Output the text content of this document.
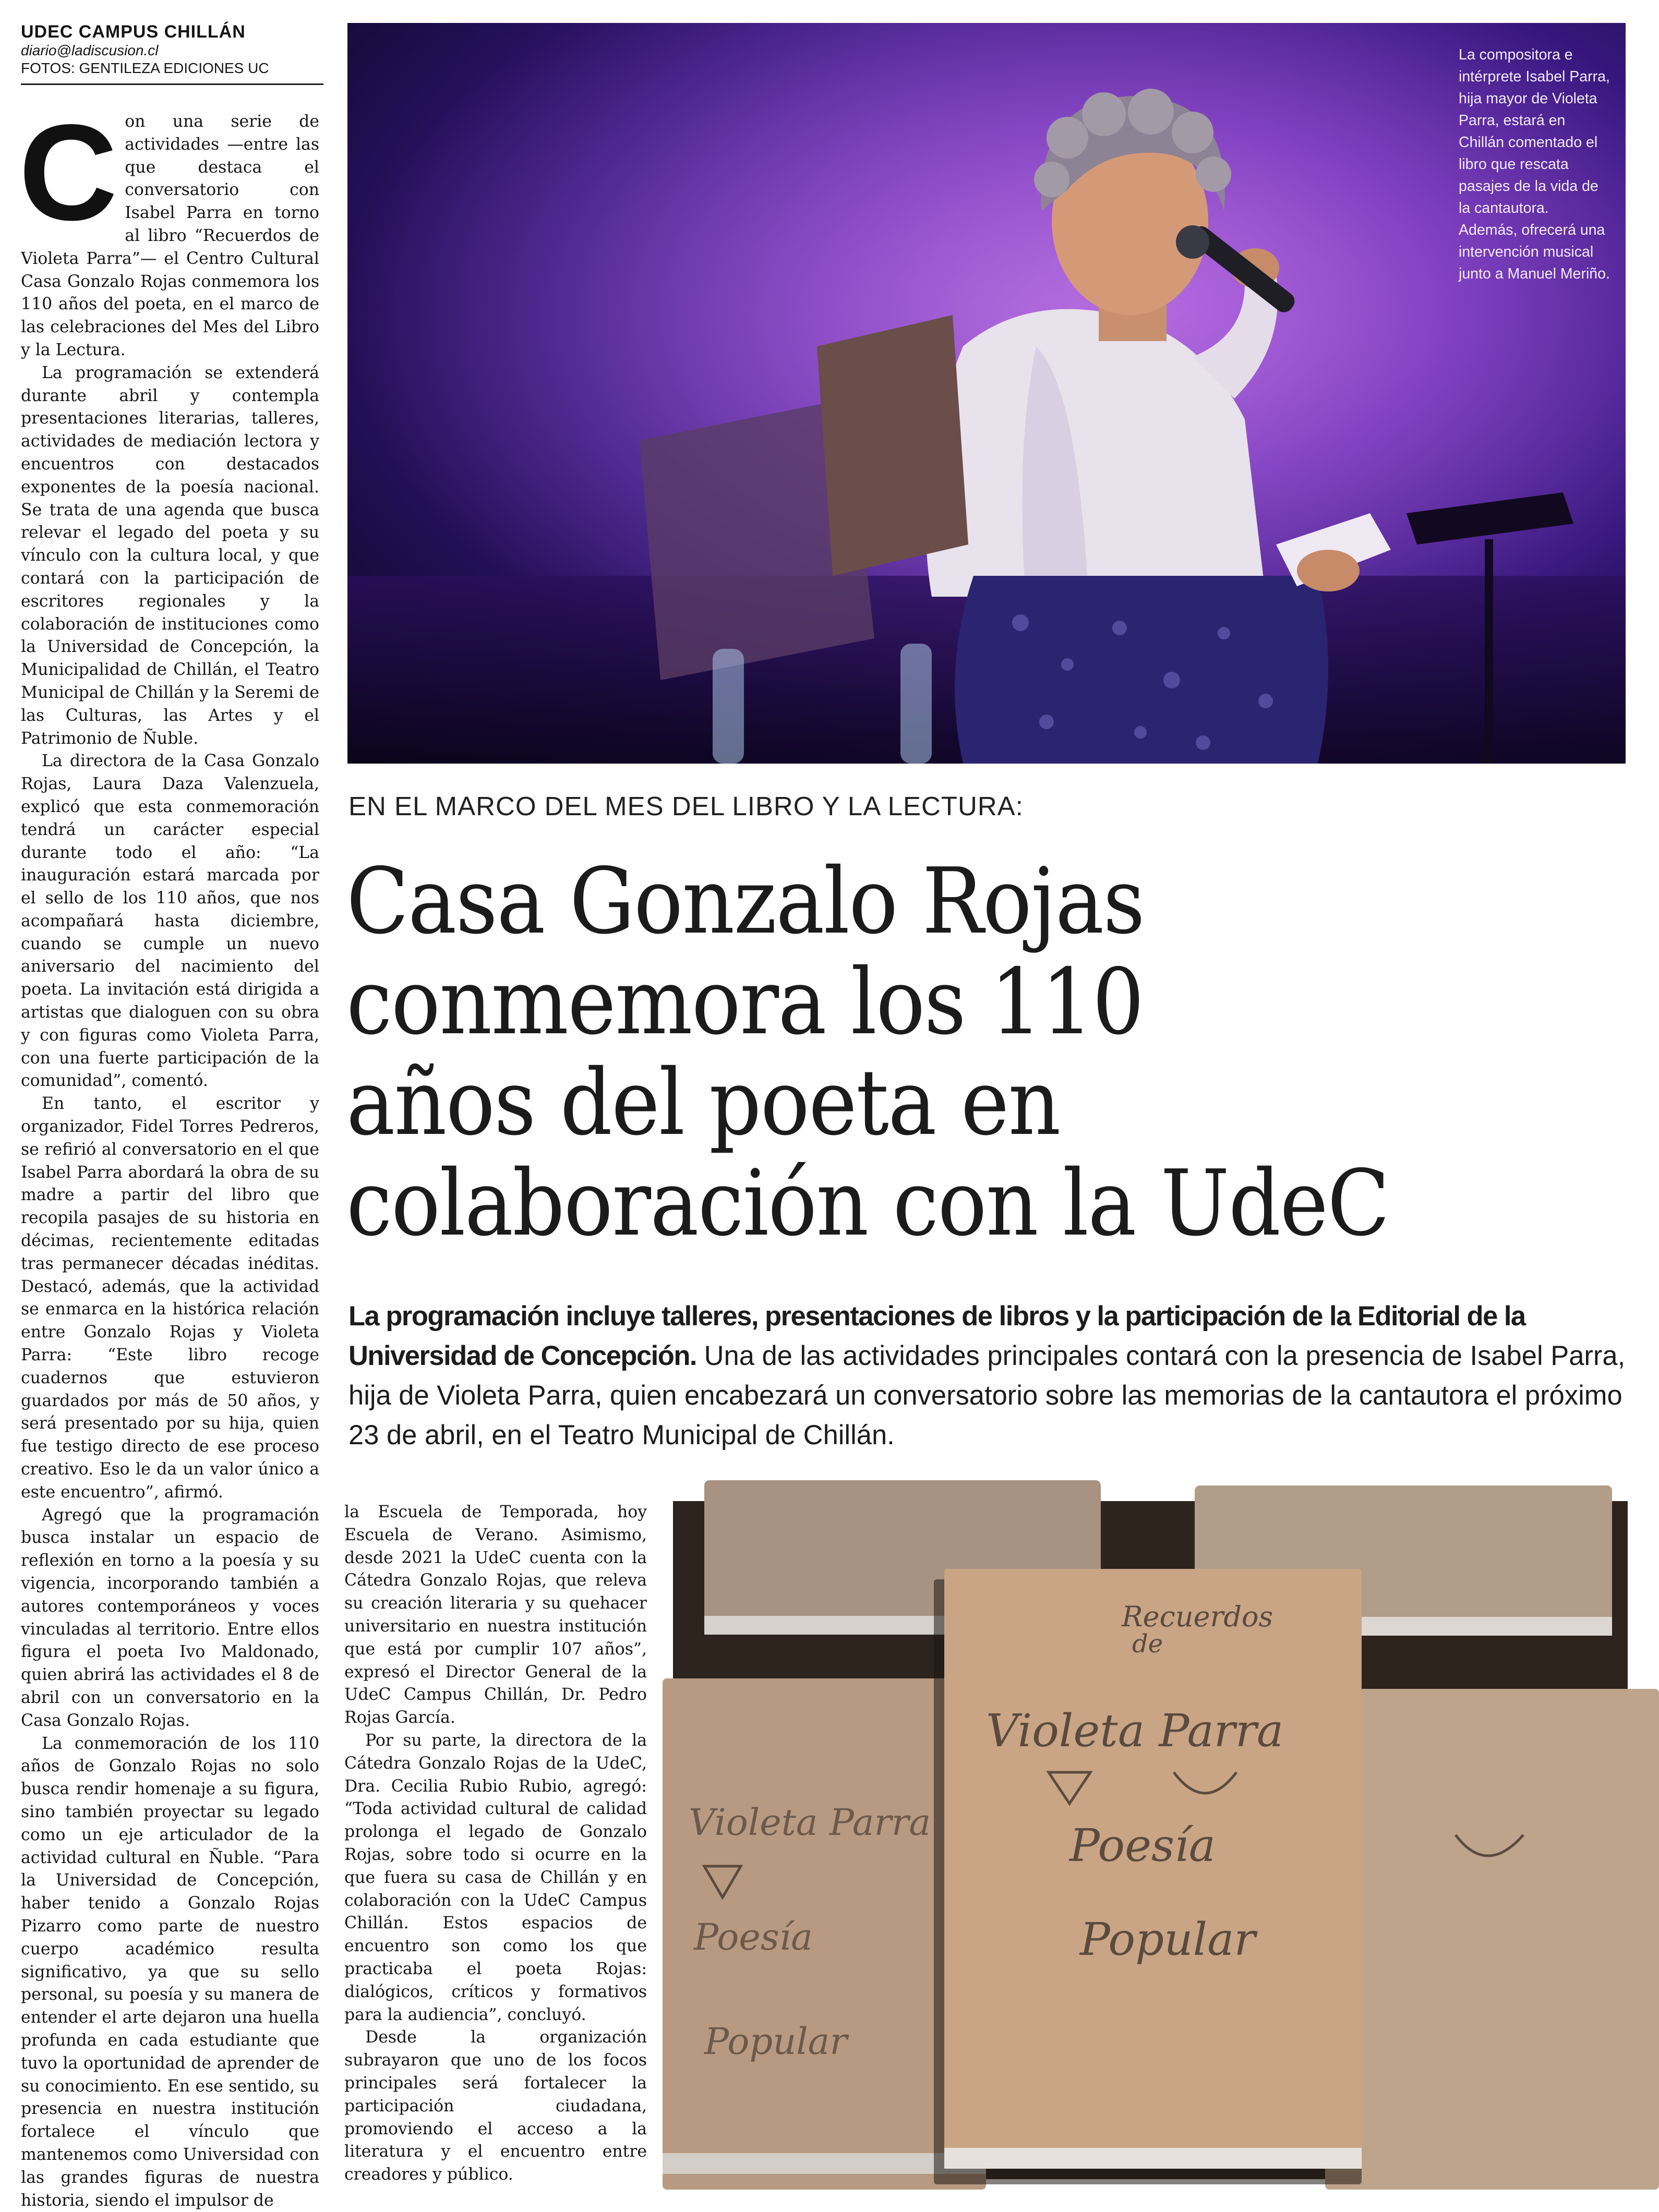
UDEC CAMPUS CHILLÁN

diario@ladiscusion.cl

FOTOS: GENTILEZA EDICIONES UC

Con una serie de actividades —entre las que destaca el conversatorio con Isabel Parra en torno al libro “Recuerdos de Violeta Parra”— el Centro Cultural Casa Gonzalo Rojas conmemora los 110 años del poeta, en el marco de las celebraciones del Mes del Libro y la Lectura.

La programación se extenderá durante abril y contempla presentaciones literarias, talleres, actividades de mediación lectora y encuentros con destacados exponentes de la poesía nacional. Se trata de una agenda que busca relevar el legado del poeta y su vínculo con la cultura local, y que contará con la participación de escritores regionales y la colaboración de instituciones como la Universidad de Concepción, la Municipalidad de Chillán, el Teatro Municipal de Chillán y la Seremi de las Culturas, las Artes y el Patrimonio de Ñuble.

La directora de la Casa Gonzalo Rojas, Laura Daza Valenzuela, explicó que esta conmemoración tendrá un carácter especial durante todo el año: “La inauguración estará marcada por el sello de los 110 años, que nos acompañará hasta diciembre, cuando se cumple un nuevo aniversario del nacimiento del poeta. La invitación está dirigida a artistas que dialoguen con su obra y con figuras como Violeta Parra, con una fuerte participación de la comunidad”, comentó.

En tanto, el escritor y organizador, Fidel Torres Pedreros, se refirió al conversatorio en el que Isabel Parra abordará la obra de su madre a partir del libro que recopila pasajes de su historia en décimas, recientemente editadas tras permanecer décadas inéditas. Destacó, además, que la actividad se enmarca en la histórica relación entre Gonzalo Rojas y Violeta Parra: “Este libro recoge cuadernos que estuvieron guardados por más de 50 años, y será presentado por su hija, quien fue testigo directo de ese proceso creativo. Eso le da un valor único a este encuentro”, afirmó.

Agregó que la programación busca instalar un espacio de reflexión en torno a la poesía y su vigencia, incorporando también a autores contemporáneos y voces vinculadas al territorio. Entre ellos figura el poeta Ivo Maldonado, quien abrirá las actividades el 8 de abril con un conversatorio en la Casa Gonzalo Rojas.

La conmemoración de los 110 años de Gonzalo Rojas no solo busca rendir homenaje a su figura, sino también proyectar su legado como un eje articulador de la actividad cultural en Ñuble. “Para la Universidad de Concepción, haber tenido a Gonzalo Rojas Pizarro como parte de nuestro cuerpo académico resulta significativo, ya que su sello personal, su poesía y su manera de entender el arte dejaron una huella profunda en cada estudiante que tuvo la oportunidad de aprender de su conocimiento. En ese sentido, su presencia en nuestra institución fortalece el vínculo que mantenemos como Universidad con las grandes figuras de nuestra historia, siendo el impulsor de

La compositora e intérprete Isabel Parra, hija mayor de Violeta Parra, estará en Chillán comentado el libro que rescata pasajes de la vida de la cantautora. Además, ofrecerá una intervención musical junto a Manuel Meriño.

EN EL MARCO DEL MES DEL LIBRO Y LA LECTURA:

Casa Gonzalo Rojas
conmemora los 110
años del poeta en
colaboración con la UdeC

La programación incluye talleres, presentaciones de libros y la participación de la Editorial de la Universidad de Concepción. Una de las actividades principales contará con la presencia de Isabel Parra, hija de Violeta Parra, quien encabezará un conversatorio sobre las memorias de la cantautora el próximo 23 de abril, en el Teatro Municipal de Chillán.

la Escuela de Temporada, hoy Escuela de Verano. Asimismo, desde 2021 la UdeC cuenta con la Cátedra Gonzalo Rojas, que releva su creación literaria y su quehacer universitario en nuestra institución que está por cumplir 107 años”, expresó el Director General de la UdeC Campus Chillán, Dr. Pedro Rojas García.

Por su parte, la directora de la Cátedra Gonzalo Rojas de la UdeC, Dra. Cecilia Rubio Rubio, agregó: “Toda actividad cultural de calidad prolonga el legado de Gonzalo Rojas, sobre todo si ocurre en la que fuera su casa de Chillán y en colaboración con la UdeC Campus Chillán. Estos espacios de encuentro son como los que practicaba el poeta Rojas: dialógicos, críticos y formativos para la audiencia”, concluyó.

Desde la organización subrayaron que uno de los focos principales será fortalecer la participación ciudadana, promoviendo el acceso a la literatura y el encuentro entre creadores y público.

Recuerdos
de
Violeta Parra
Poesía
Popular
Violeta Parra
Poesía
Popular
